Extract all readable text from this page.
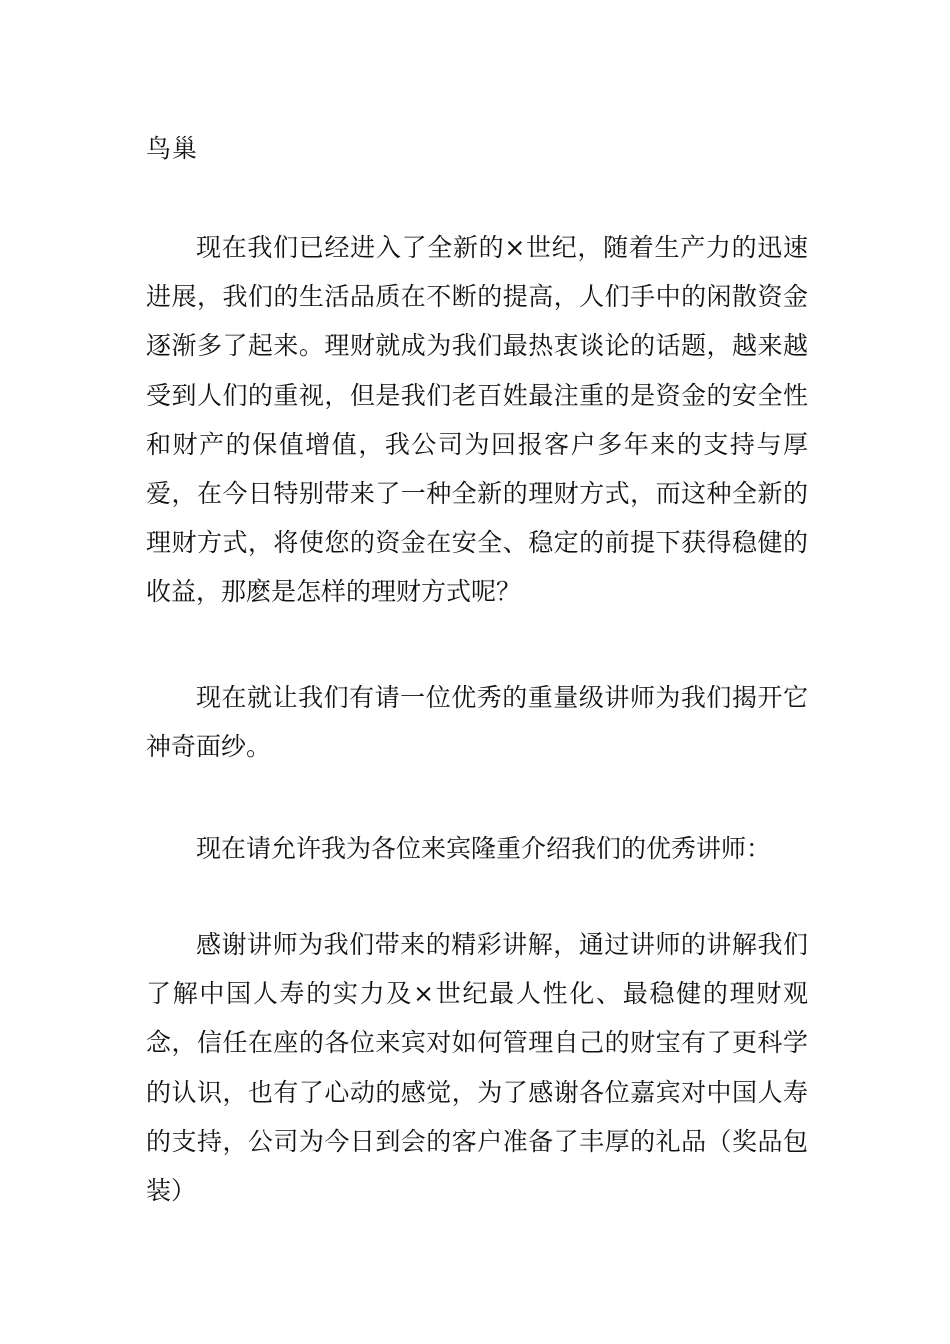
鸟巢

现在我们已经进入了全新的×世纪，随着生产力的迅速进展，我们的生活品质在不断的提高，人们手中的闲散资金逐渐多了起来。理财就成为我们最热衷谈论的话题，越来越受到人们的重视，但是我们老百姓最注重的是资金的安全性和财产的保值增值，我公司为回报客户多年来的支持与厚爱，在今日特别带来了一种全新的理财方式，而这种全新的理财方式，将使您的资金在安全、稳定的前提下获得稳健的收益，那麽是怎样的理财方式呢？

现在就让我们有请一位优秀的重量级讲师为我们揭开它神奇面纱。

现在请允许我为各位来宾隆重介绍我们的优秀讲师：

感谢讲师为我们带来的精彩讲解，通过讲师的讲解我们了解中国人寿的实力及×世纪最人性化、最稳健的理财观念，信任在座的各位来宾对如何管理自己的财宝有了更科学的认识，也有了心动的感觉，为了感谢各位嘉宾对中国人寿的支持，公司为今日到会的客户准备了丰厚的礼品（奖品包装）
